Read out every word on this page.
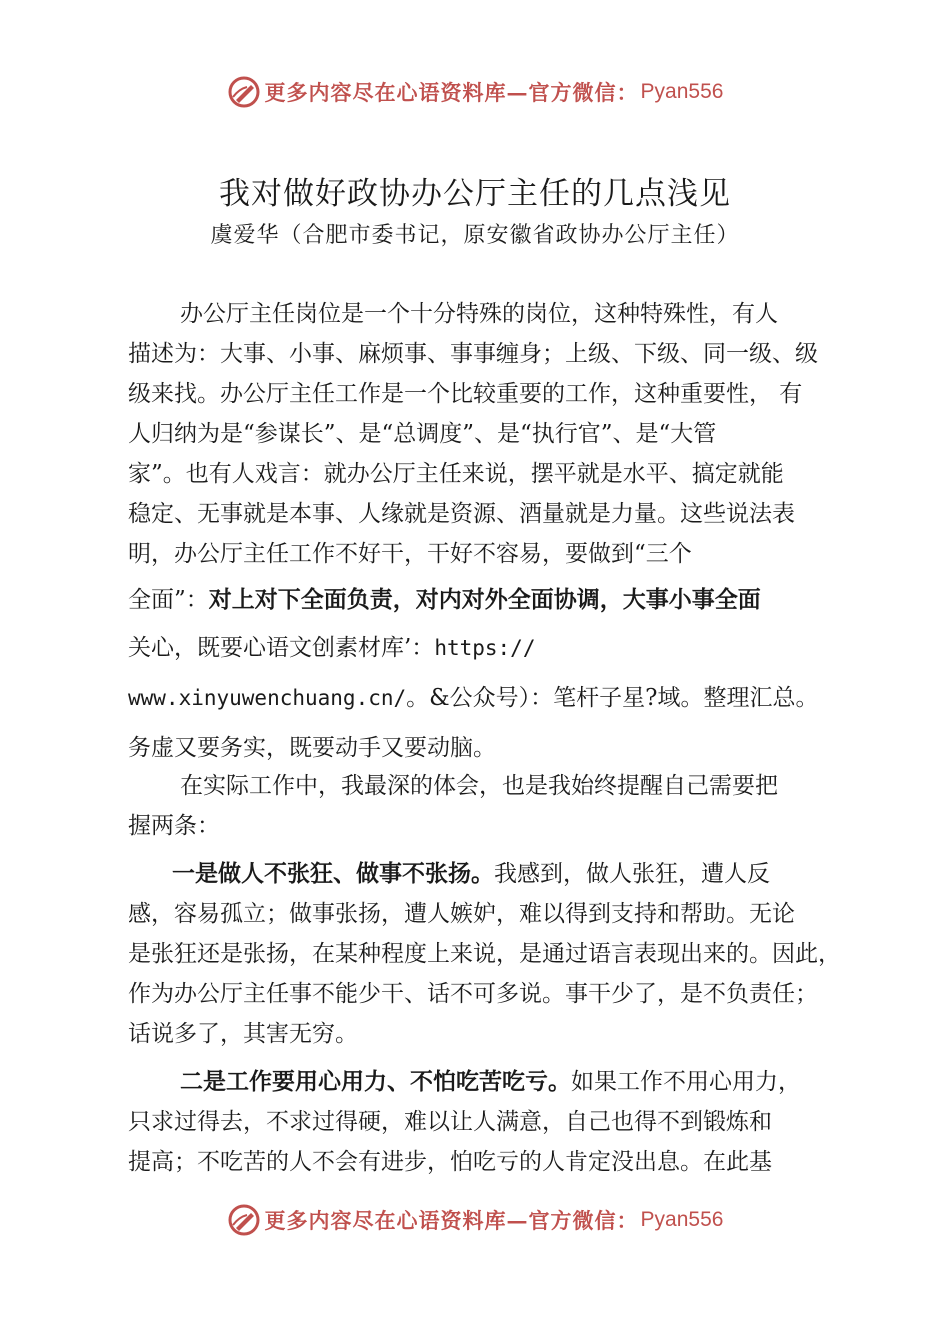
更多内容尽在心语资料库—官方微信： Pyan556
我对做好政协办公厅主任的几点浅见
虞爱华（合肥市委书记，原安徽省政协办公厅主任）
办公厅主任岗位是一个十分特殊的岗位，这种特殊性，有人
描述为：大事、小事、麻烦事、事事缠身；上级、下级、同一级、级
级来找。办公厅主任工作是一个比较重要的工作，这种重要性， 有
人归纳为是“参谋长”、是“总调度”、是“执行官”、是“大管
家”。也有人戏言：就办公厅主任来说，摆平就是水平、搞定就能
稳定、无事就是本事、人缘就是资源、酒量就是力量。这些说法表
明，办公厅主任工作不好干，干好不容易，要做到“三个
全面”：对上对下全面负责，对内对外全面协调，大事小事全面
关心，既要心语文创素材库’：https://
www.xinyuwenchuang.cn/。&公众号）：笔杆子星?域。整理汇总。
务虚又要务实，既要动手又要动脑。
在实际工作中，我最深的体会，也是我始终提醒自己需要把
握两条：
一是做人不张狂、做事不张扬。我感到，做人张狂，遭人反
感，容易孤立；做事张扬，遭人嫉妒，难以得到支持和帮助。无论
是张狂还是张扬，在某种程度上来说，是通过语言表现出来的。因此，
作为办公厅主任事不能少干、话不可多说。事干少了，是不负责任；
话说多了，其害无穷。
二是工作要用心用力、不怕吃苦吃亏。如果工作不用心用力，
只求过得去，不求过得硬，难以让人满意，自己也得不到锻炼和
提高；不吃苦的人不会有进步，怕吃亏的人肯定没出息。在此基
更多内容尽在心语资料库—官方微信： Pyan556
